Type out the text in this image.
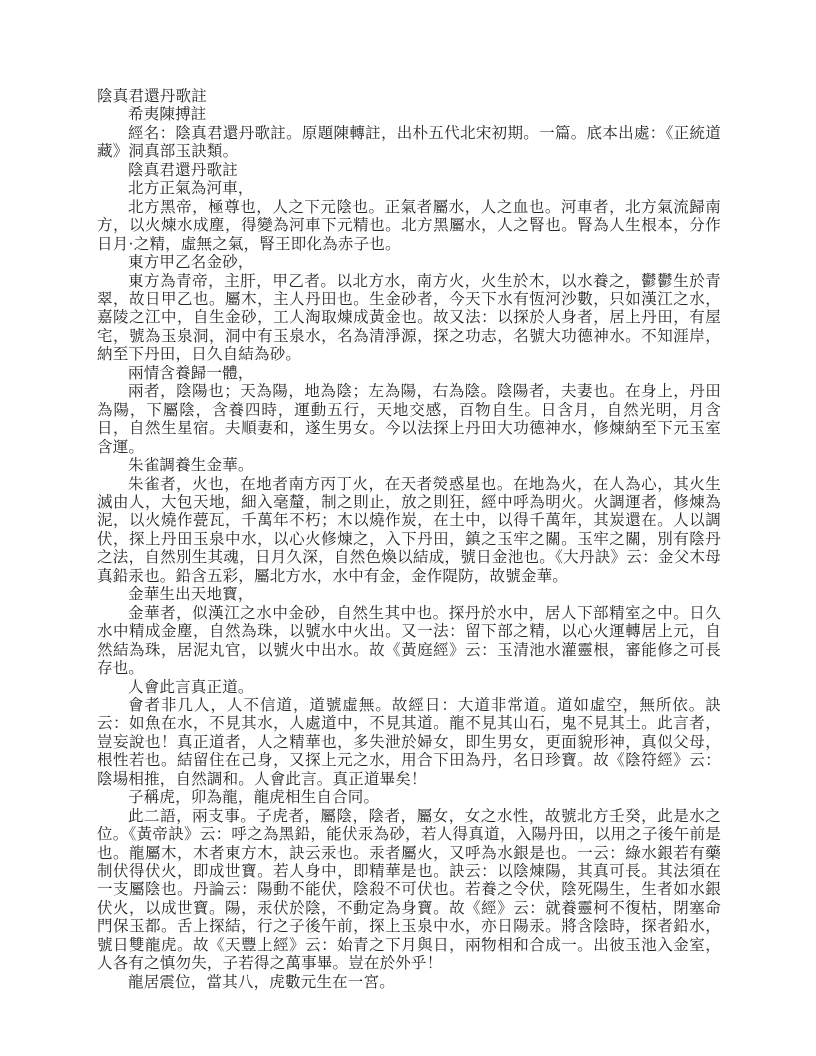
陰真君還丹歌註

希夷陳搏註

經名：陰真君還丹歌註。原題陳轉註，出朴五代北宋初期。一篇。底本出處：《正統道藏》洞真部玉訣類。

陰真君還丹歌註

北方正氣為河車，

北方黑帝，極尊也，人之下元陰也。正氣者屬水，人之血也。河車者，北方氣流歸南方，以火煉水成塵，得變為河車下元精也。北方黑屬水，人之腎也。腎為人生根本，分作日月·之精，虛無之氣，腎王即化為赤子也。

東方甲乙名金砂，

東方為青帝，主肝，甲乙者。以北方水，南方火，火生於木，以水養之，鬱鬱生於青翠，故日甲乙也。屬木，主人丹田也。生金砂者，今天下水有恆河沙數，只如漢江之水，嘉陵之江中，自生金砂，工人淘取煉成黃金也。故又法：以探於人身者，居上丹田，有屋宅，號為玉泉洞，洞中有玉泉水，名為清淨源，探之功志，名號大功德神水。不知涯岸，納至下丹田，日久自結為砂。

兩情含養歸一體，

兩者，陰陽也；天為陽，地為陰；左為陽，右為陰。陰陽者，夫妻也。在身上，丹田為陽，下屬陰，含養四時，運動五行，天地交感，百物自生。日含月，自然光明，月含日，自然生星宿。夫順妻和，遂生男女。今以法探上丹田大功德神水，修煉納至下元玉室含運。

朱雀調養生金華。

朱雀者，火也，在地者南方丙丁火，在天者熒惑星也。在地為火，在人為心，其火生滅由人，大包天地，細入毫釐，制之則止，放之則狂，經中呼為明火。火調運者，修煉為泥，以火燒作甍瓦，千萬年不朽；木以燒作炭，在土中，以得千萬年，其炭還在。人以調伏，探上丹田玉泉中水，以心火修煉之，入下丹田，鎮之玉牢之關。玉牢之關，別有陰丹之法，自然別生其魂，日月久深，自然色煥以結成，號日金池也。《大丹訣》云：金父木母真鉛汞也。鉛含五彩，屬北方水，水中有金，金作隄防，故號金華。

金華生出天地寶，

金華者，似漢江之水中金砂，自然生其中也。探丹於水中，居人下部精室之中。日久水中精成金塵，自然為珠，以號水中火出。又一法：留下部之精，以心火運轉居上元，自然結為珠，居泥丸官，以號火中出水。故《黃庭經》云：玉清池水灌靈根，審能修之可長存也。

人會此言真正道。

會者非几人，人不信道，道號虛無。故經日：大道非常道。道如虛空，無所依。訣云：如魚在水，不見其水，人處道中，不見其道。龍不見其山石，鬼不見其土。此言者，豈妄說也！真正道者，人之精華也，多失泄於婦女，即生男女，更面貌形神，真似父母，根性若也。結留住在己身，又探上元之水，用合下田為丹，名日珍寶。故《陰符經》云：陰場相推，自然調和。人會此言。真正道畢矣！

子稱虎，卯為龍，龍虎相生自合同。

此二語，兩支事。子虎者，屬陰，陰者，屬女，女之水性，故號北方壬癸，此是水之位。《黃帝訣》云：呼之為黑鉛，能伏汞為砂，若人得真道，入陽丹田，以用之子後午前是也。龍屬木，木者東方木，訣云汞也。汞者屬火，又呼為水銀是也。一云：綠水銀若有藥制伏得伏火，即成世寶。若人身中，即精華是也。訣云：以陰煉陽，其真可長。其法須在一支屬陰也。丹論云：陽動不能伏，陰殺不可伏也。若養之令伏，陰死陽生，生者如水銀伏火，以成世寶。陽，汞伏於陰，不動定為身寶。故《經》云：就養靈柯不復枯，閉塞命門保玉都。舌上探結，行之子後午前，探上玉泉中水，亦日陽汞。將含陰時，探者鉛水，號日雙龍虎。故《天豐上經》云：始青之下月與日，兩物相和合成一。出彼玉池入金室，人各有之慎勿失，子若得之萬事畢。豈在於外乎！

龍居震位，當其八，虎數元生在一宮。
